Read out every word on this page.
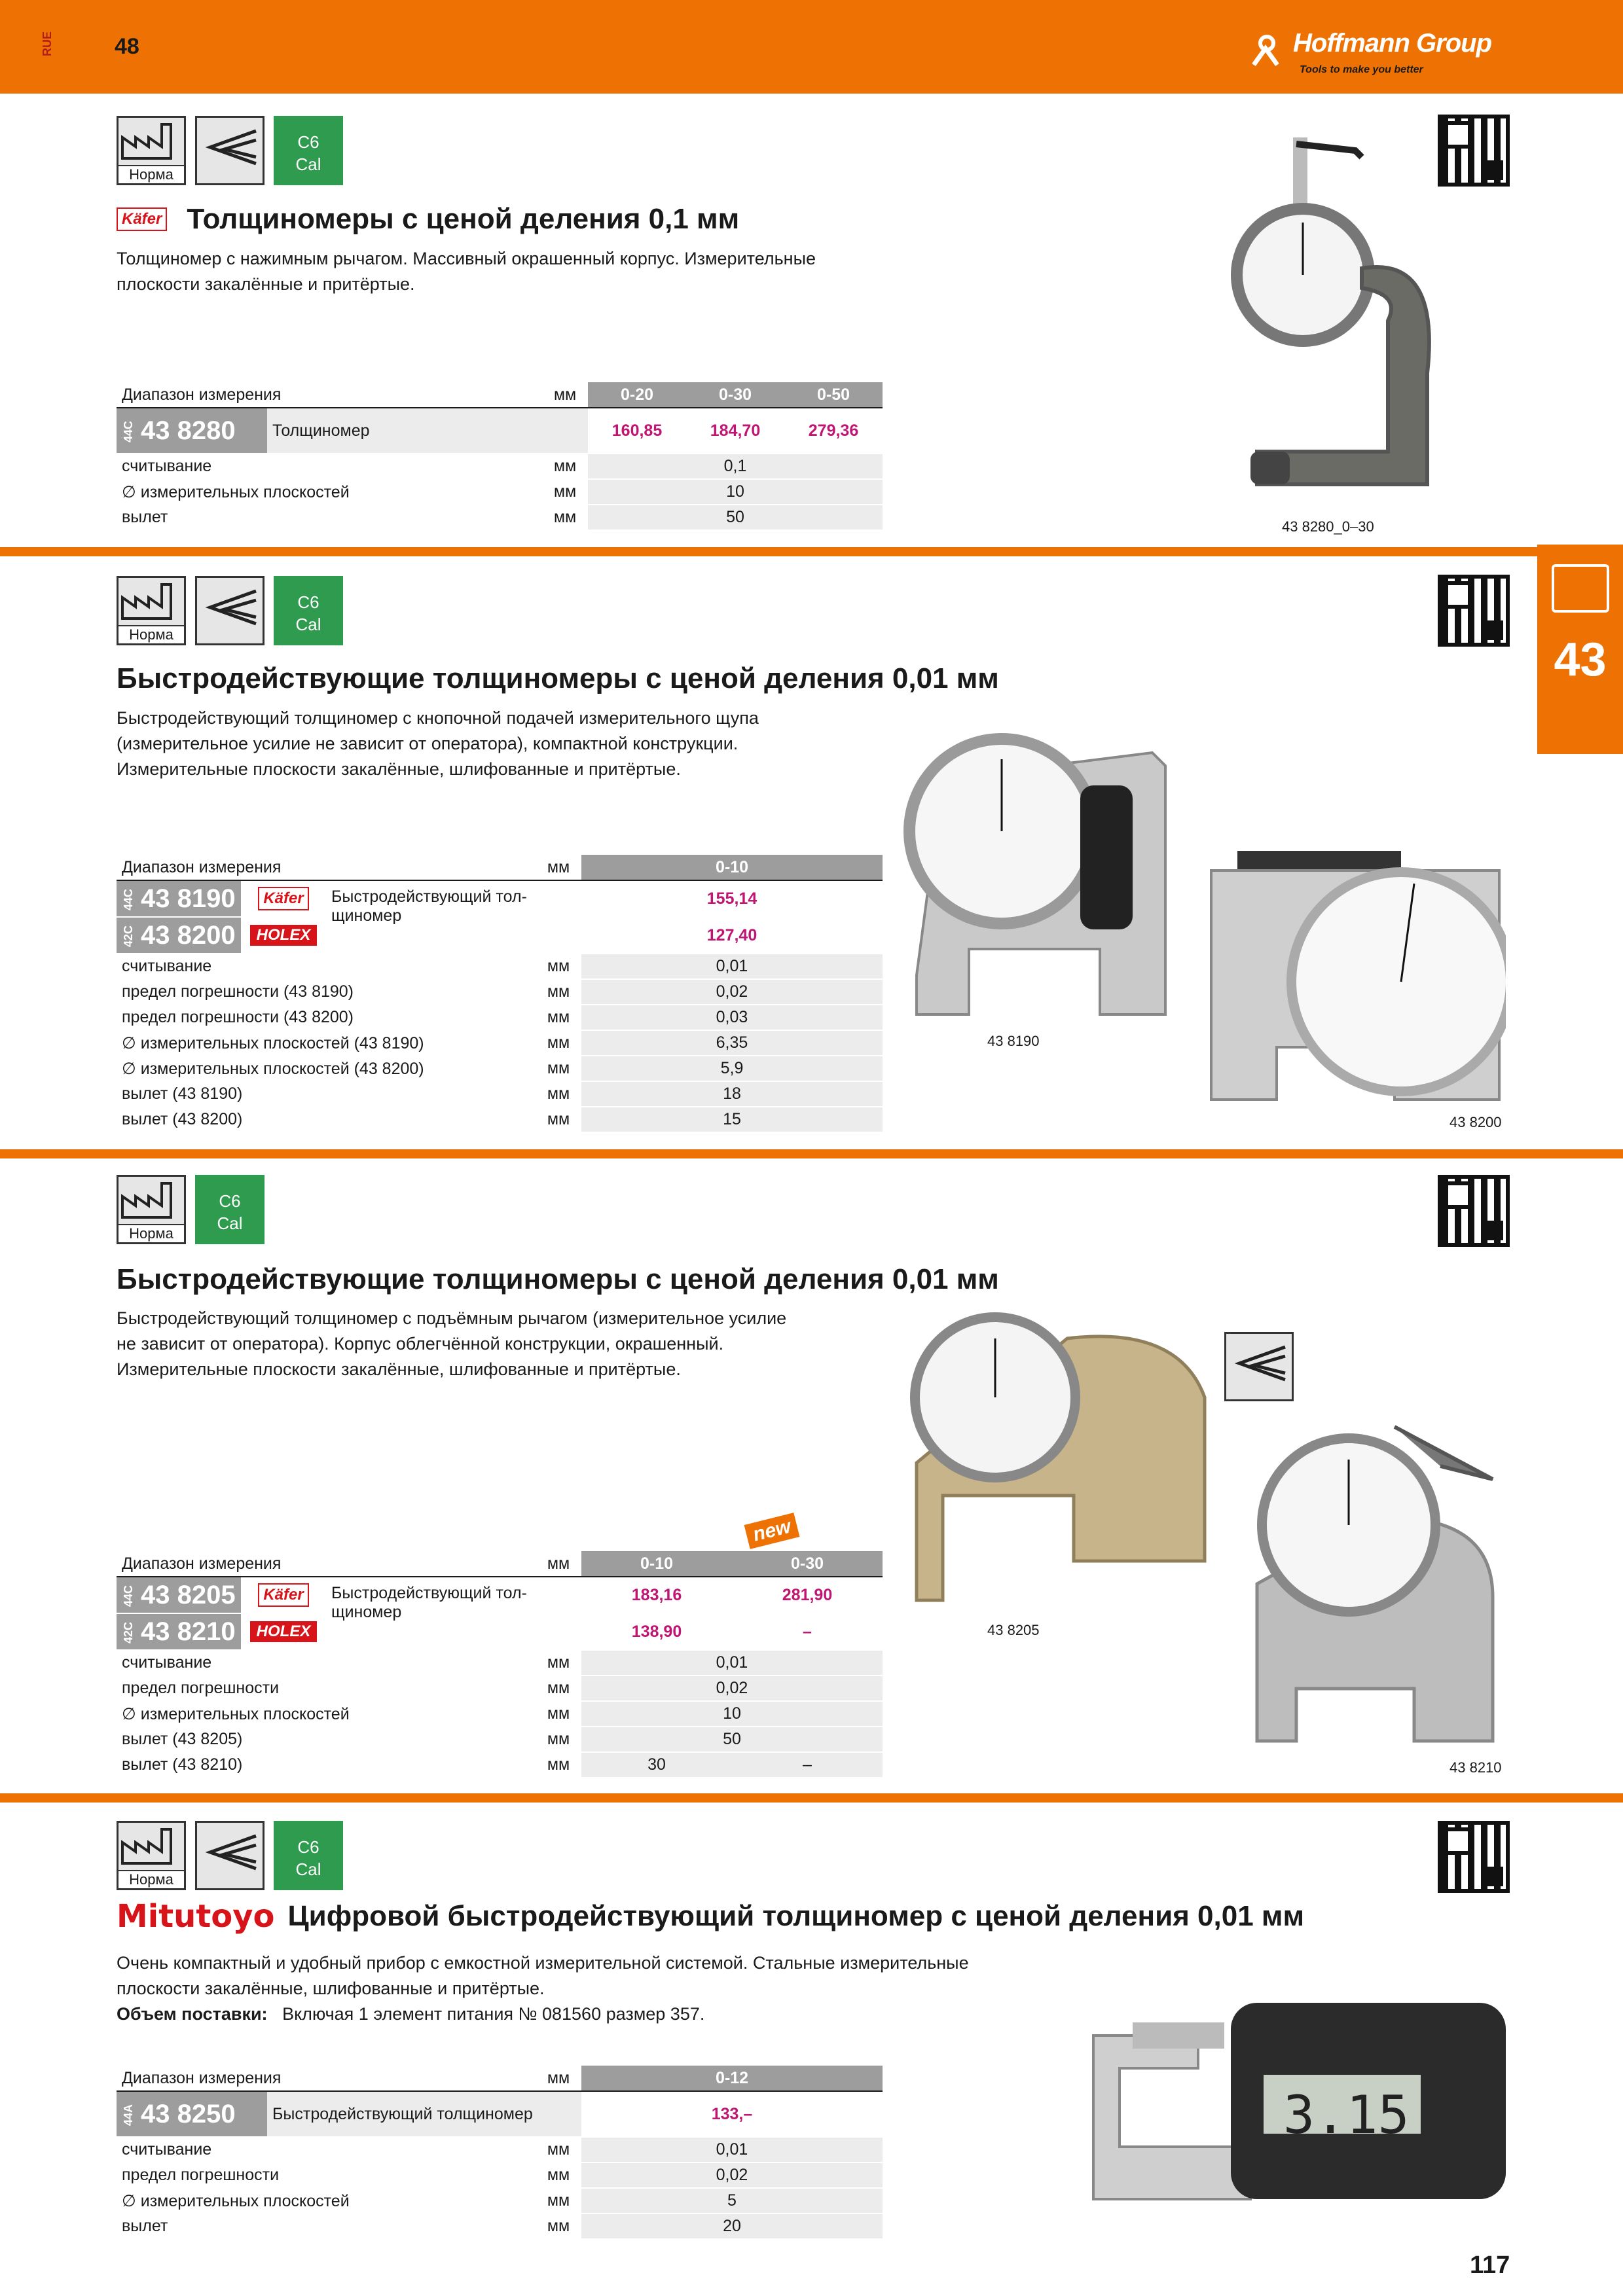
RUE	48	Hoffmann Group
Tools to make you better
43
Норма
C6
Cal
Käfer Толщиномеры с ценой деления 0,1 мм
Толщиномер с нажимным рычагом. Массивный окрашенный корпус. Измерительные
плоскости закалённые и притёртые.
Диапазон измерения		мм	0-20	0-30	0-50
44C 43 8280	Толщиномер		160,85	184,70	279,36
считывание		мм	0,1		
∅ измерительных плоскостей		мм	10		
вылет		мм	50		
43 8280_0–30
Норма
C6
Cal
Быстродействующие толщиномеры с ценой деления 0,01 мм
Быстродействующий толщиномер с кнопочной подачей измерительного щупа
(измерительное усилие не зависит от оператора), компактной конструкции.
Измерительные плоскости закалённые, шлифованные и притёртые.
Диапазон измерения			мм	0-10
44C 43 8190	Käfer	Быстродействующий тол-
щиномер		155,14
42C 43 8200	HOLEX			127,40
считывание			мм	0,01
предел погрешности (43 8190)			мм	0,02
предел погрешности (43 8200)			мм	0,03
∅ измерительных плоскостей (43 8190)			мм	6,35
∅ измерительных плоскостей (43 8200)			мм	5,9
вылет (43 8190)			мм	18
вылет (43 8200)			мм	15
43 8190
43 8200
Норма
C6
Cal
Быстродействующие толщиномеры с ценой деления 0,01 мм
Быстродействующий толщиномер с подъёмным рычагом (измерительное усилие
не зависит от оператора). Корпус облегчённой конструкции, окрашенный.
Измерительные плоскости закалённые, шлифованные и притёртые.
new
Диапазон измерения			мм	0-10	0-30
44C 43 8205	Käfer	Быстродействующий тол-
щиномер		183,16	281,90
42C 43 8210	HOLEX			138,90	–
считывание			мм	0,01	
предел погрешности			мм	0,02	
∅ измерительных плоскостей			мм	10	
вылет (43 8205)			мм	50	
вылет (43 8210)			мм	30	–
43 8205
43 8210
Норма
C6
Cal
Mitutoyo Цифровой быстродействующий толщиномер с ценой деления 0,01 мм
Очень компактный и удобный прибор с емкостной измерительной системой. Стальные измерительные
плоскости закалённые, шлифованные и притёртые.
Объем поставки: Включая 1 элемент питания № 081560 размер 357.
Диапазон измерения		мм	0-12
44A 43 8250	Быстродействующий толщиномер		133,–
считывание		мм	0,01
предел погрешности		мм	0,02
∅ измерительных плоскостей		мм	5
вылет		мм	20
3.15
117
